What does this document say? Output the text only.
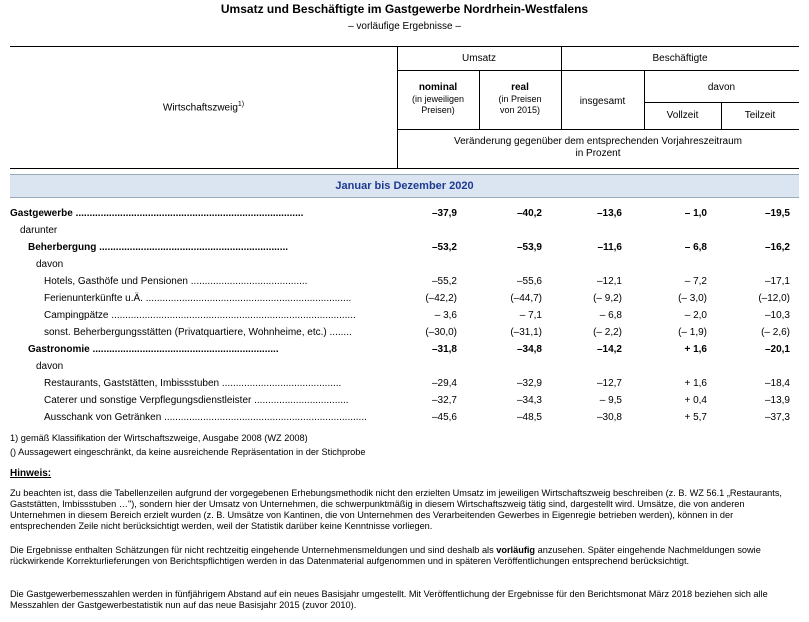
Umsatz und Beschäftigte im Gastgewerbe Nordrhein-Westfalens
– vorläufige Ergebnisse –
Wirtschaftszweig$^{1)}$
Umsatz	Beschäftigte
nominal
(in jeweiligen
Preisen)
real
(in Preisen
von 2015)
insgesamt
davon
Vollzeit	Teilzeit
Veränderung gegenüber dem entsprechenden Vorjahreszeitraum
in Prozent
Januar bis Dezember 2020
Gastgewerbe ..................................................................................	–37,9	–40,2	–13,6	– 1,0	–19,5
darunter
Beherbergung ....................................................................	–53,2	–53,9	–11,6	– 6,8	–16,2
davon
Hotels, Gasthöfe und Pensionen ..........................................	–55,2	–55,6	–12,1	– 7,2	–17,1
Ferienunterkünfte u.Ä. ..........................................................................	(–42,2)	(–44,7)	(– 9,2)	(– 3,0)	(–12,0)
Campingpätze ........................................................................................	– 3,6	– 7,1	– 6,8	– 2,0	–10,3
sonst. Beherbergungsstätten (Privatquartiere, Wohnheime, etc.) ........	(–30,0)	(–31,1)	(– 2,2)	(– 1,9)	(– 2,6)
Gastronomie ...................................................................	–31,8	–34,8	–14,2	+ 1,6	–20,1
davon
Restaurants, Gaststätten, Imbissstuben ...........................................	–29,4	–32,9	–12,7	+ 1,6	–18,4
Caterer und sonstige Verpflegungsdienstleister ..................................	–32,7	–34,3	– 9,5	+ 0,4	–13,9
Ausschank von Getränken .........................................................................	–45,6	–48,5	–30,8	+ 5,7	–37,3
1) gemäß Klassifikation der Wirtschaftszweige, Ausgabe 2008 (WZ 2008)
() Aussagewert eingeschränkt, da keine ausreichende Repräsentation in der Stichprobe
Hinweis:
Zu beachten ist, dass die Tabellenzeilen aufgrund der vorgegebenen Erhebungsmethodik nicht den erzielten Umsatz im jeweiligen Wirtschaftszweig beschreiben (z. B. WZ 56.1 „Restaurants, Gaststätten, Imbissstuben …"), sondern hier der Umsatz von Unternehmen, die schwerpunktmäßig in diesem Wirtschaftszweig tätig sind, dargestellt wird. Umsätze, die von anderen Unternehmen in diesem Bereich erzielt wurden (z. B. Umsätze von Kantinen, die von Unternehmen des Verarbeitenden Gewerbes in Eigenregie betrieben werden), können in der entsprechenden Zeile nicht berücksichtigt werden, weil der Statistik darüber keine Kenntnisse vorliegen.
Die Ergebnisse enthalten Schätzungen für nicht rechtzeitig eingehende Unternehmensmeldungen und sind deshalb als vorläufig anzusehen. Später eingehende Nachmeldungen sowie rückwirkende Korrekturlieferungen von Berichtspflichtigen werden in das Datenmaterial aufgenommen und in späteren Veröffentlichungen entsprechend berücksichtigt.
Die Gastgewerbemesszahlen werden in fünfjährigem Abstand auf ein neues Basisjahr umgestellt. Mit Veröffentlichung der Ergebnisse für den Berichtsmonat März 2018 beziehen sich alle Messzahlen der Gastgewerbestatistik nun auf das neue Basisjahr 2015 (zuvor 2010).
